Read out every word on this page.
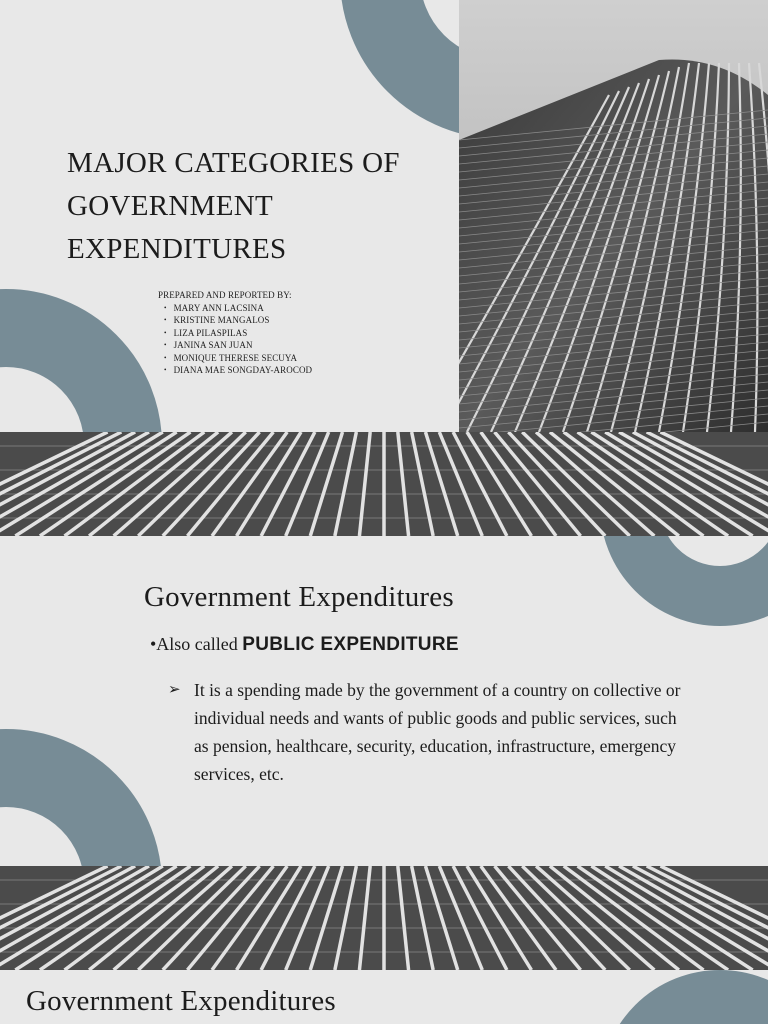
MAJOR CATEGORIES OF GOVERNMENT EXPENDITURES
PREPARED AND REPORTED BY:
• MARY ANN LACSINA
• KRISTINE MANGALOS
• LIZA PILASPILAS
• JANINA SAN JUAN
• MONIQUE THERESE SECUYA
• DIANA MAE SONGDAY-AROCOD
Government Expenditures
•Also called PUBLIC EXPENDITURE
➢ It is a spending made by the government of a country on collective or individual needs and wants of public goods and public services, such as pension, healthcare, security, education, infrastructure, emergency services, etc.
Government Expenditures
